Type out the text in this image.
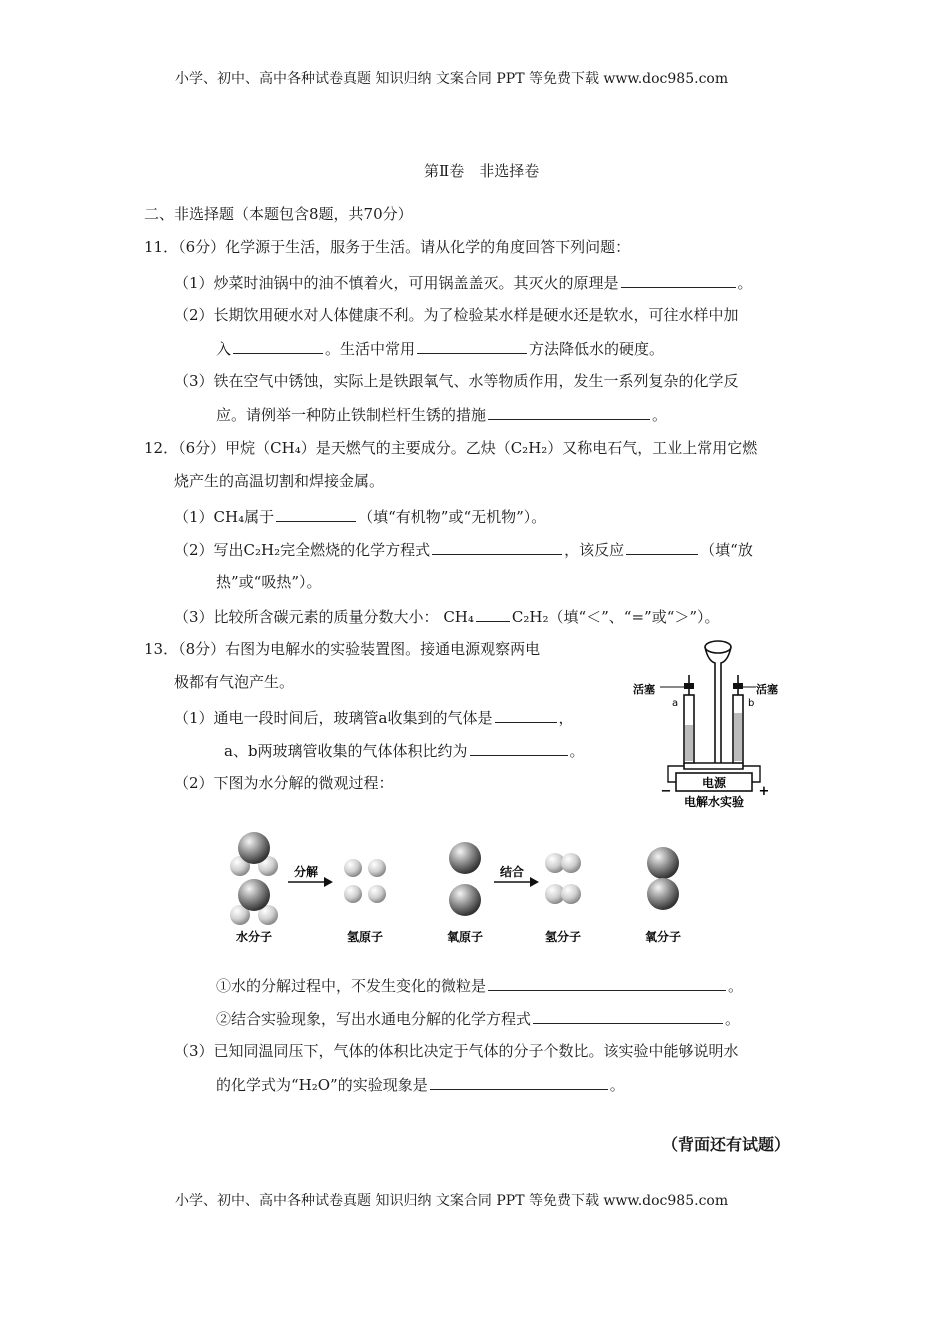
小学、初中、高中各种试卷真题 知识归纳 文案合同 PPT 等免费下载 www.doc985.com
第Ⅱ卷　非选择卷
二、非选择题（本题包含8题，共70分）
11．（6分）化学源于生活，服务于生活。请从化学的角度回答下列问题：
（1）炒菜时油锅中的油不慎着火，可用锅盖盖灭。其灭火的原理是	。
（2）长期饮用硬水对人体健康不利。为了检验某水样是硬水还是软水，可往水样中加
入	。生活中常用	方法降低水的硬度。
（3）铁在空气中锈蚀，实际上是铁跟氧气、水等物质作用，发生一系列复杂的化学反
应。请例举一种防止铁制栏杆生锈的措施	。
12．（6分）甲烷（CH₄）是天燃气的主要成分。乙炔（C₂H₂）又称电石气，工业上常用它燃
烧产生的高温切割和焊接金属。
（1）CH₄属于	（填“有机物”或“无机物”）。
（2）写出C₂H₂完全燃烧的化学方程式	，该反应	（填“放
热”或“吸热”）。
（3）比较所含碳元素的质量分数大小： CH₄	C₂H₂（填“＜”、“=”或“＞”）。
13．（8分）右图为电解水的实验装置图。接通电源观察两电
极都有气泡产生。
（1）通电一段时间后，玻璃管a收集到的气体是	，
a、b两玻璃管收集的气体体积比约为	。
（2）下图为水分解的微观过程：	电源
−	+
电解水实验
活塞	活塞
a	b
分解	结合
水分子	氢原子	氧原子	氢分子	氧分子
①水的分解过程中，不发生变化的微粒是	。
②结合实验现象，写出水通电分解的化学方程式	。
（3）已知同温同压下，气体的体积比决定于气体的分子个数比。该实验中能够说明水
的化学式为“H₂O”的实验现象是	。
（背面还有试题）
小学、初中、高中各种试卷真题 知识归纳 文案合同 PPT 等免费下载 www.doc985.com
